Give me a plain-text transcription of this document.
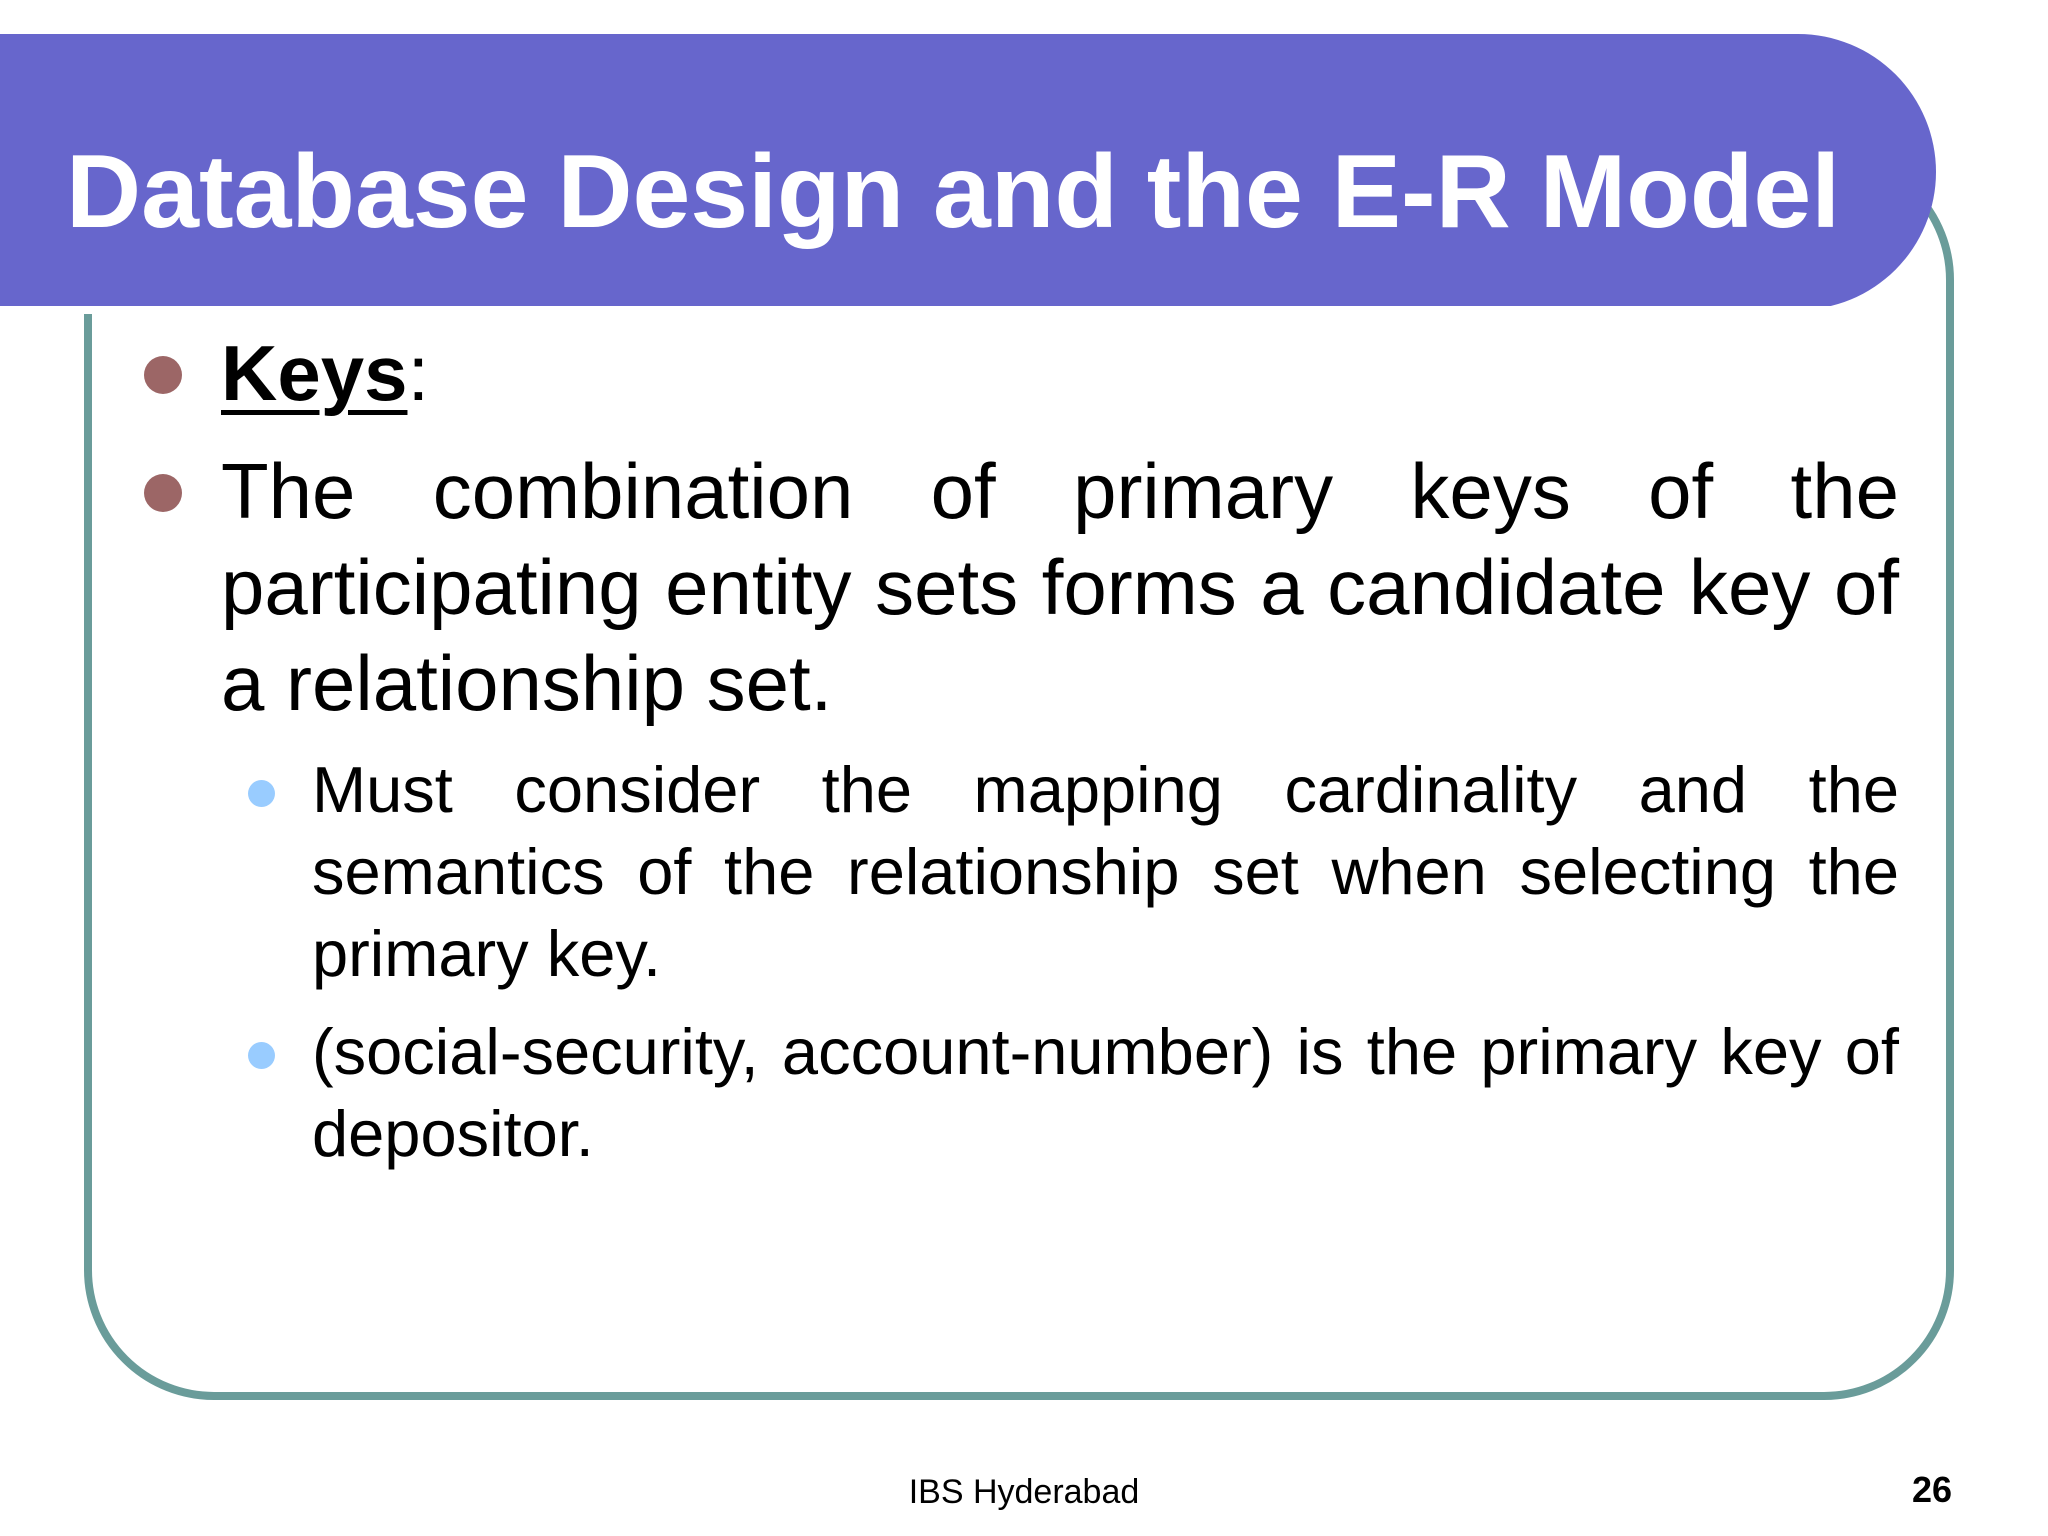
Database Design and the E-R Model
Keys:
The combination of primary keys of the participating entity sets forms a candidate key of a relationship set.
Must consider the mapping cardinality and the semantics of the relationship set when selecting the primary key.
(social-security, account-number) is the primary key of depositor.
IBS Hyderabad	26
